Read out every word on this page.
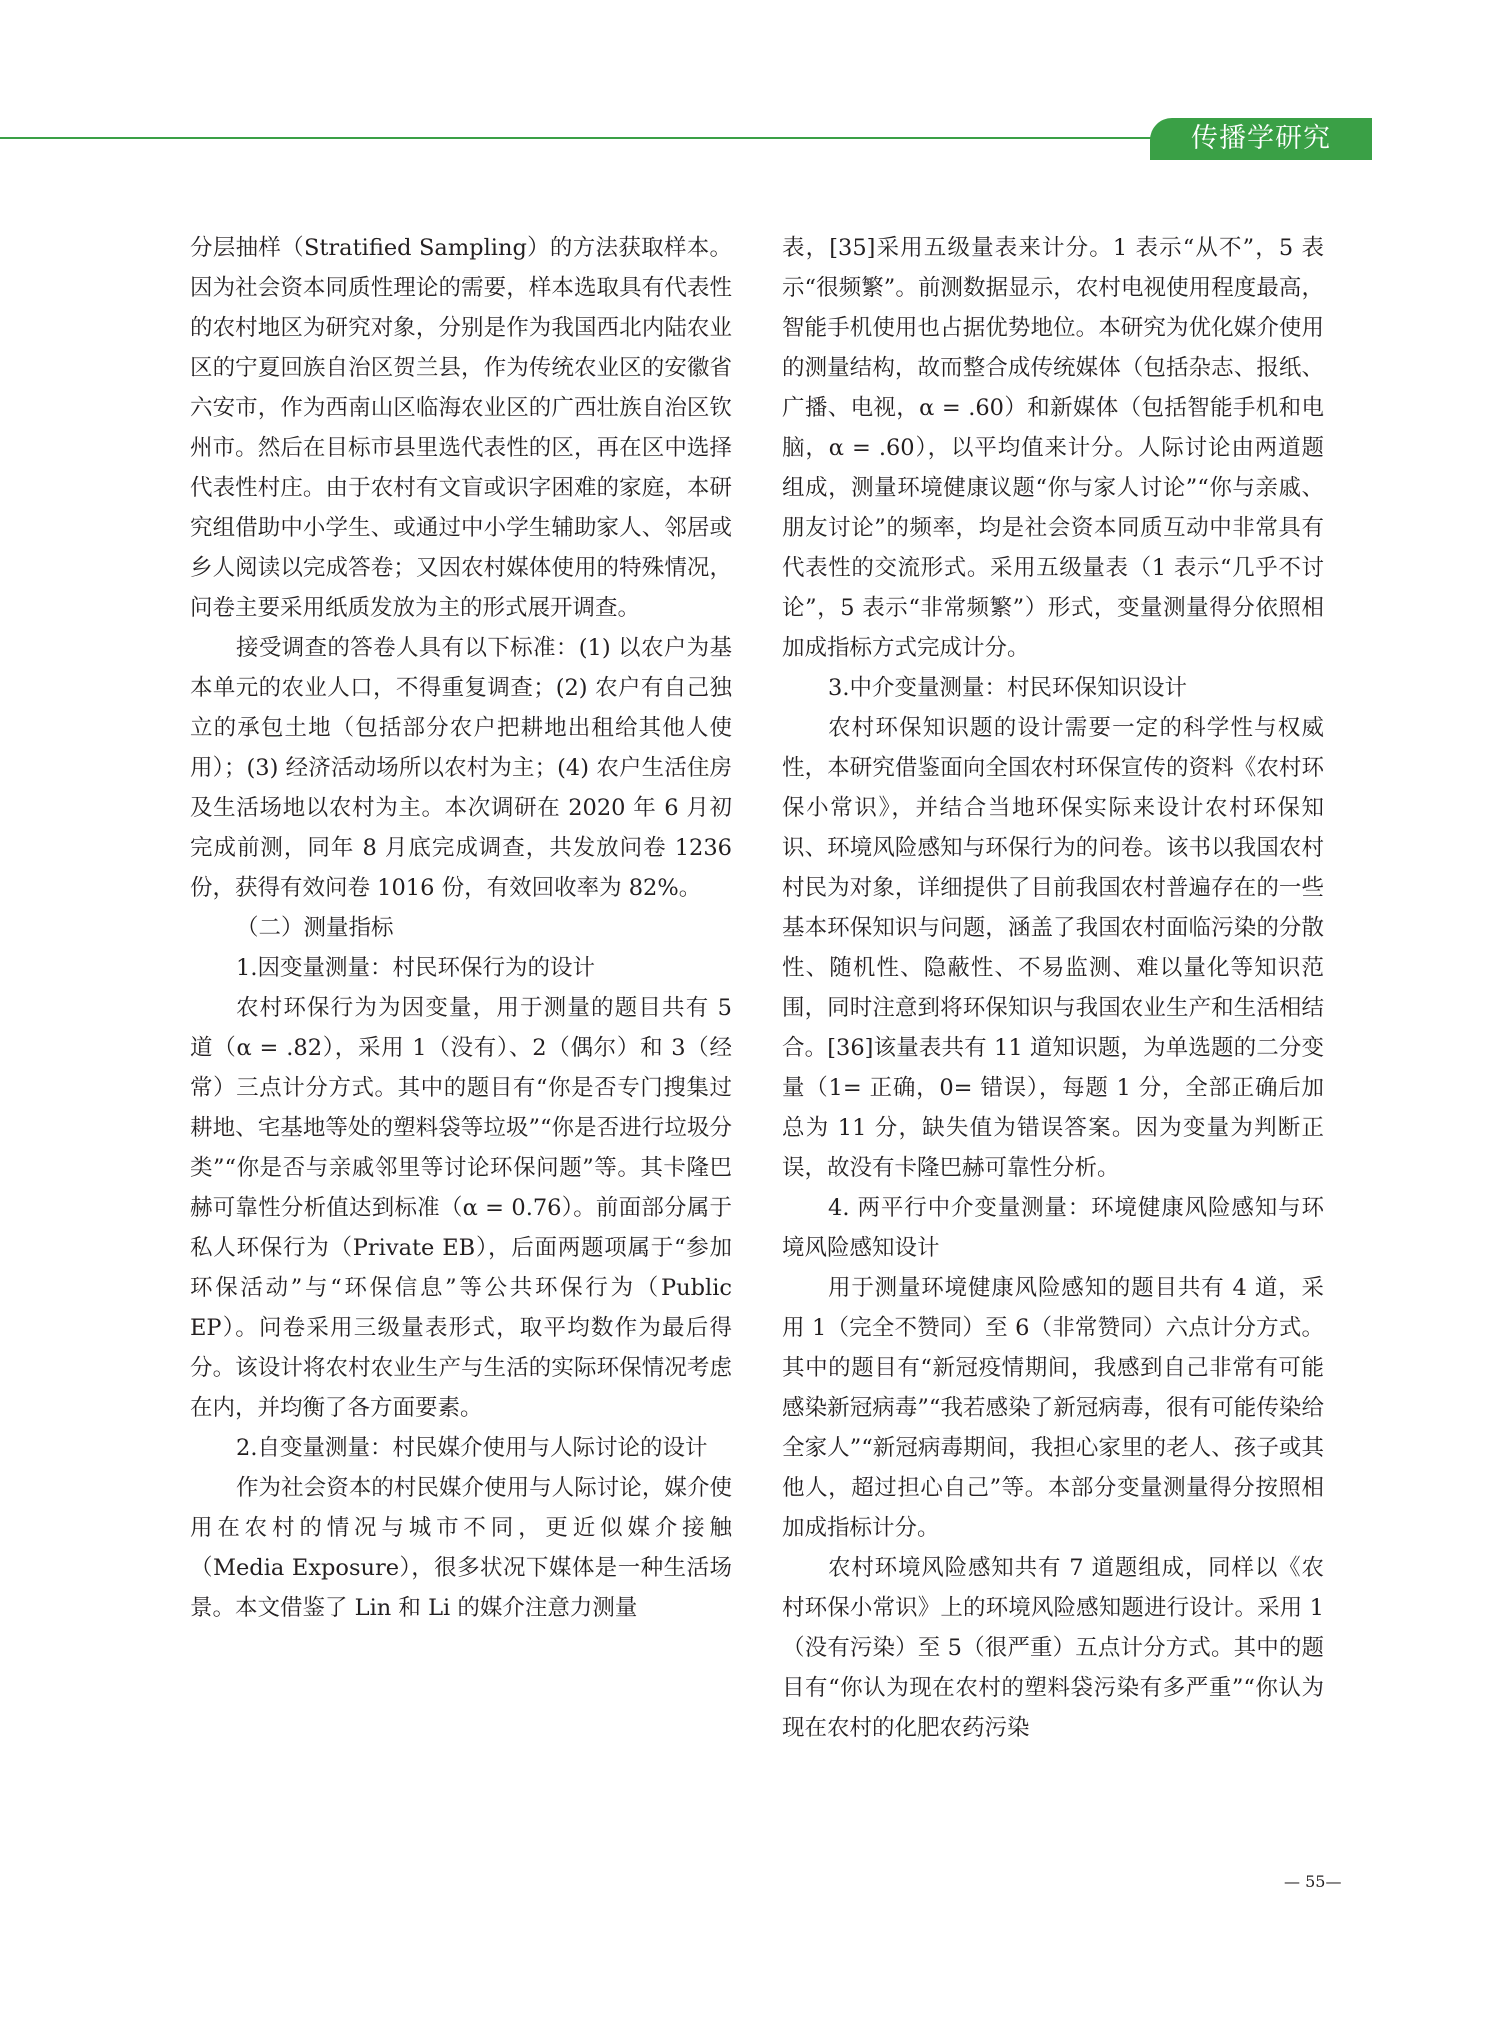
传播学研究

分层抽样（Stratified Sampling）的方法获取样本。因为社会资本同质性理论的需要，样本选取具有代表性的农村地区为研究对象，分别是作为我国西北内陆农业区的宁夏回族自治区贺兰县，作为传统农业区的安徽省六安市，作为西南山区临海农业区的广西壮族自治区钦州市。然后在目标市县里选代表性的区，再在区中选择代表性村庄。由于农村有文盲或识字困难的家庭，本研究组借助中小学生、或通过中小学生辅助家人、邻居或乡人阅读以完成答卷；又因农村媒体使用的特殊情况，问卷主要采用纸质发放为主的形式展开调查。

接受调查的答卷人具有以下标准：(1) 以农户为基本单元的农业人口，不得重复调查；(2) 农户有自己独立的承包土地（包括部分农户把耕地出租给其他人使用）；(3) 经济活动场所以农村为主；(4) 农户生活住房及生活场地以农村为主。本次调研在 2020 年 6 月初完成前测，同年 8 月底完成调查，共发放问卷 1236 份，获得有效问卷 1016 份，有效回收率为 82%。

（二）测量指标

1.因变量测量：村民环保行为的设计

农村环保行为为因变量，用于测量的题目共有 5 道（α = .82），采用 1（没有）、2（偶尔）和 3（经常）三点计分方式。其中的题目有“你是否专门搜集过耕地、宅基地等处的塑料袋等垃圾”“你是否进行垃圾分类”“你是否与亲戚邻里等讨论环保问题”等。其卡隆巴赫可靠性分析值达到标准（α = 0.76）。前面部分属于私人环保行为（Private EB），后面两题项属于“参加环保活动”与“环保信息”等公共环保行为（Public EP）。问卷采用三级量表形式，取平均数作为最后得分。该设计将农村农业生产与生活的实际环保情况考虑在内，并均衡了各方面要素。

2.自变量测量：村民媒介使用与人际讨论的设计

作为社会资本的村民媒介使用与人际讨论，媒介使用在农村的情况与城市不同，更近似媒介接触（Media Exposure），很多状况下媒体是一种生活场景。本文借鉴了 Lin 和 Li 的媒介注意力测量

表，[35]采用五级量表来计分。1 表示“从不”，5 表示“很频繁”。前测数据显示，农村电视使用程度最高，智能手机使用也占据优势地位。本研究为优化媒介使用的测量结构，故而整合成传统媒体（包括杂志、报纸、广播、电视，α = .60）和新媒体（包括智能手机和电脑，α = .60），以平均值来计分。人际讨论由两道题组成，测量环境健康议题“你与家人讨论”“你与亲戚、朋友讨论”的频率，均是社会资本同质互动中非常具有代表性的交流形式。采用五级量表（1 表示“几乎不讨论”，5 表示“非常频繁”）形式，变量测量得分依照相加成指标方式完成计分。

3.中介变量测量：村民环保知识设计

农村环保知识题的设计需要一定的科学性与权威性，本研究借鉴面向全国农村环保宣传的资料《农村环保小常识》，并结合当地环保实际来设计农村环保知识、环境风险感知与环保行为的问卷。该书以我国农村村民为对象，详细提供了目前我国农村普遍存在的一些基本环保知识与问题，涵盖了我国农村面临污染的分散性、随机性、隐蔽性、不易监测、难以量化等知识范围，同时注意到将环保知识与我国农业生产和生活相结合。[36]该量表共有 11 道知识题，为单选题的二分变量（1= 正确，0= 错误），每题 1 分，全部正确后加总为 11 分，缺失值为错误答案。因为变量为判断正误，故没有卡隆巴赫可靠性分析。

4. 两平行中介变量测量：环境健康风险感知与环境风险感知设计

用于测量环境健康风险感知的题目共有 4 道，采用 1（完全不赞同）至 6（非常赞同）六点计分方式。其中的题目有“新冠疫情期间，我感到自己非常有可能感染新冠病毒”“我若感染了新冠病毒，很有可能传染给全家人”“新冠病毒期间，我担心家里的老人、孩子或其他人，超过担心自己”等。本部分变量测量得分按照相加成指标计分。

农村环境风险感知共有 7 道题组成，同样以《农村环保小常识》上的环境风险感知题进行设计。采用 1（没有污染）至 5（很严重）五点计分方式。其中的题目有“你认为现在农村的塑料袋污染有多严重”“你认为现在农村的化肥农药污染

— 55—
